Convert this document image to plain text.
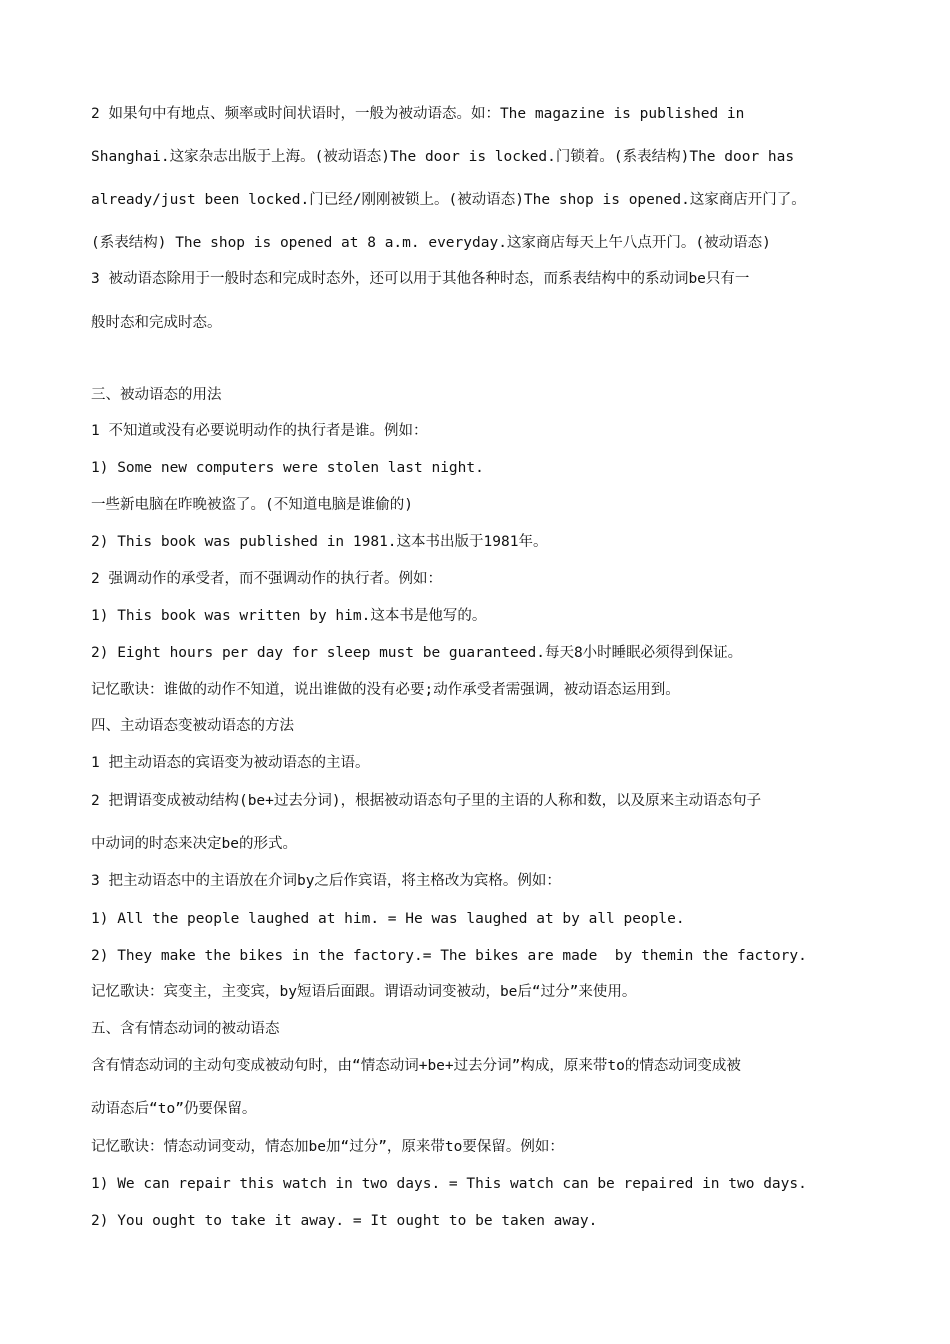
2 如果句中有地点、频率或时间状语时，一般为被动语态。如：The magazine is published in
Shanghai.这家杂志出版于上海。(被动语态)The door is locked.门锁着。(系表结构)The door has
already/just been locked.门已经/刚刚被锁上。(被动语态)The shop is opened.这家商店开门了。
(系表结构) The shop is opened at 8 a.m. everyday.这家商店每天上午八点开门。(被动语态)
3 被动语态除用于一般时态和完成时态外，还可以用于其他各种时态，而系表结构中的系动词be只有一
般时态和完成时态。
三、被动语态的用法
1 不知道或没有必要说明动作的执行者是谁。例如：
1) Some new computers were stolen last night.
一些新电脑在昨晚被盗了。(不知道电脑是谁偷的)
2) This book was published in 1981.这本书出版于1981年。
2 强调动作的承受者，而不强调动作的执行者。例如：
1) This book was written by him.这本书是他写的。
2) Eight hours per day for sleep must be guaranteed.每天8小时睡眠必须得到保证。
记忆歌诀：谁做的动作不知道，说出谁做的没有必要;动作承受者需强调，被动语态运用到。
四、主动语态变被动语态的方法
1 把主动语态的宾语变为被动语态的主语。
2 把谓语变成被动结构(be+过去分词)，根据被动语态句子里的主语的人称和数，以及原来主动语态句子
中动词的时态来决定be的形式。
3 把主动语态中的主语放在介词by之后作宾语，将主格改为宾格。例如：
1) All the people laughed at him. = He was laughed at by all people.
2) They make the bikes in the factory.= The bikes are made  by themin the factory.
记忆歌诀：宾变主，主变宾，by短语后面跟。谓语动词变被动，be后“过分”来使用。
五、含有情态动词的被动语态
含有情态动词的主动句变成被动句时，由“情态动词+be+过去分词”构成，原来带to的情态动词变成被
动语态后“to”仍要保留。
记忆歌诀：情态动词变动，情态加be加“过分”，原来带to要保留。例如：
1) We can repair this watch in two days. = This watch can be repaired in two days.
2) You ought to take it away. = It ought to be taken away.
